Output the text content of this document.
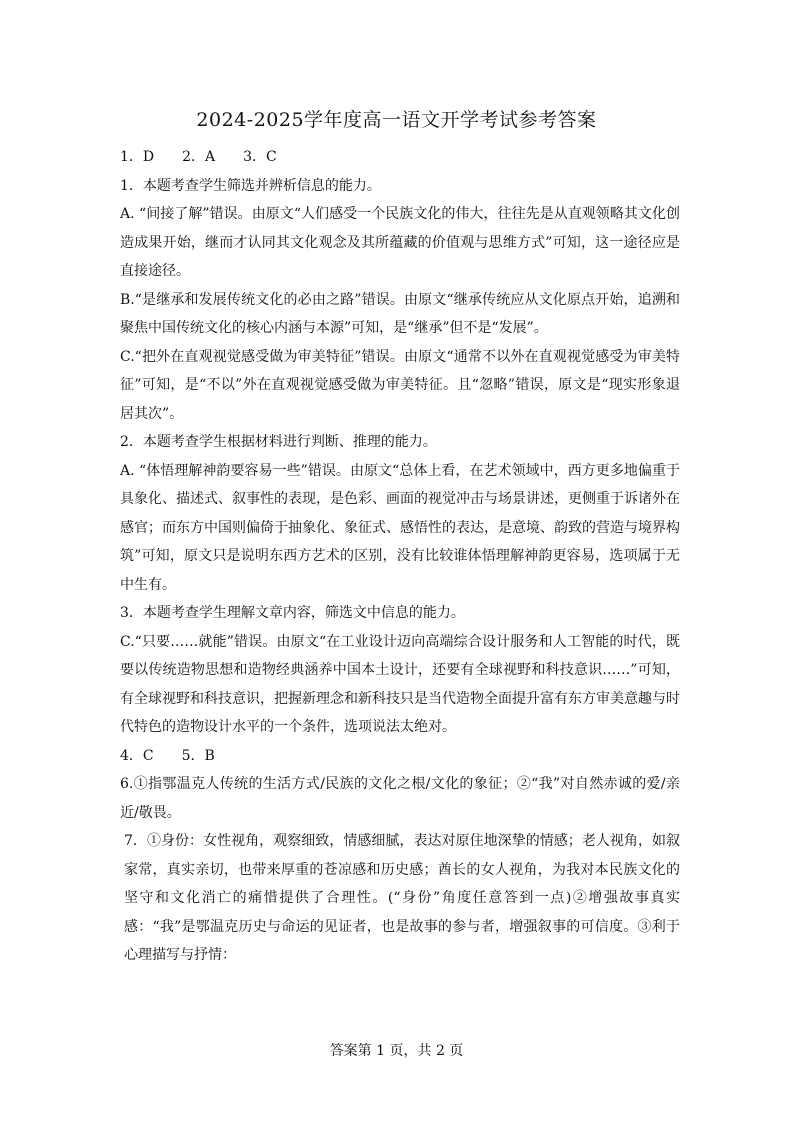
2024-2025学年度高一语文开学考试参考答案

1．D　　2．A　　3．C

1．本题考查学生筛选并辨析信息的能力。

A. “间接了解”错误。由原文“人们感受一个民族文化的伟大，往往先是从直观领略其文化创造成果开始，继而才认同其文化观念及其所蕴藏的价值观与思维方式”可知，这一途径应是直接途径。

B.“是继承和发展传统文化的必由之路”错误。由原文“继承传统应从文化原点开始，追溯和聚焦中国传统文化的核心内涵与本源”可知，是“继承”但不是“发展”。

C.“把外在直观视觉感受做为审美特征”错误。由原文“通常不以外在直观视觉感受为审美特征”可知，是“不以”外在直观视觉感受做为审美特征。且“忽略”错误，原文是“现实形象退居其次”。

2．本题考查学生根据材料进行判断、推理的能力。

A. “体悟理解神韵要容易一些”错误。由原文“总体上看，在艺术领域中，西方更多地偏重于具象化、描述式、叙事性的表现，是色彩、画面的视觉冲击与场景讲述，更侧重于诉诸外在感官；而东方中国则偏倚于抽象化、象征式、感悟性的表达，是意境、韵致的营造与境界构筑”可知，原文只是说明东西方艺术的区别，没有比较谁体悟理解神韵更容易，选项属于无中生有。

3．本题考查学生理解文章内容，筛选文中信息的能力。

C.“只要……就能”错误。由原文“在工业设计迈向高端综合设计服务和人工智能的时代，既要以传统造物思想和造物经典涵养中国本土设计，还要有全球视野和科技意识……”可知，有全球视野和科技意识，把握新理念和新科技只是当代造物全面提升富有东方审美意趣与时代特色的造物设计水平的一个条件，选项说法太绝对。

4．C　　5．B

6.①指鄂温克人传统的生活方式/民族的文化之根/文化的象征；②“我”对自然赤诚的爱/亲近/敬畏。

7．①身份：女性视角，观察细致，情感细腻，表达对原住地深挚的情感；老人视角，如叙家常，真实亲切，也带来厚重的苍凉感和历史感；酋长的女人视角，为我对本民族文化的坚守和文化消亡的痛惜提供了合理性。(“身份”角度任意答到一点)②增强故事真实感：“我”是鄂温克历史与命运的见证者，也是故事的参与者，增强叙事的可信度。③利于心理描写与抒情：

答案第 1 页，共 2 页
